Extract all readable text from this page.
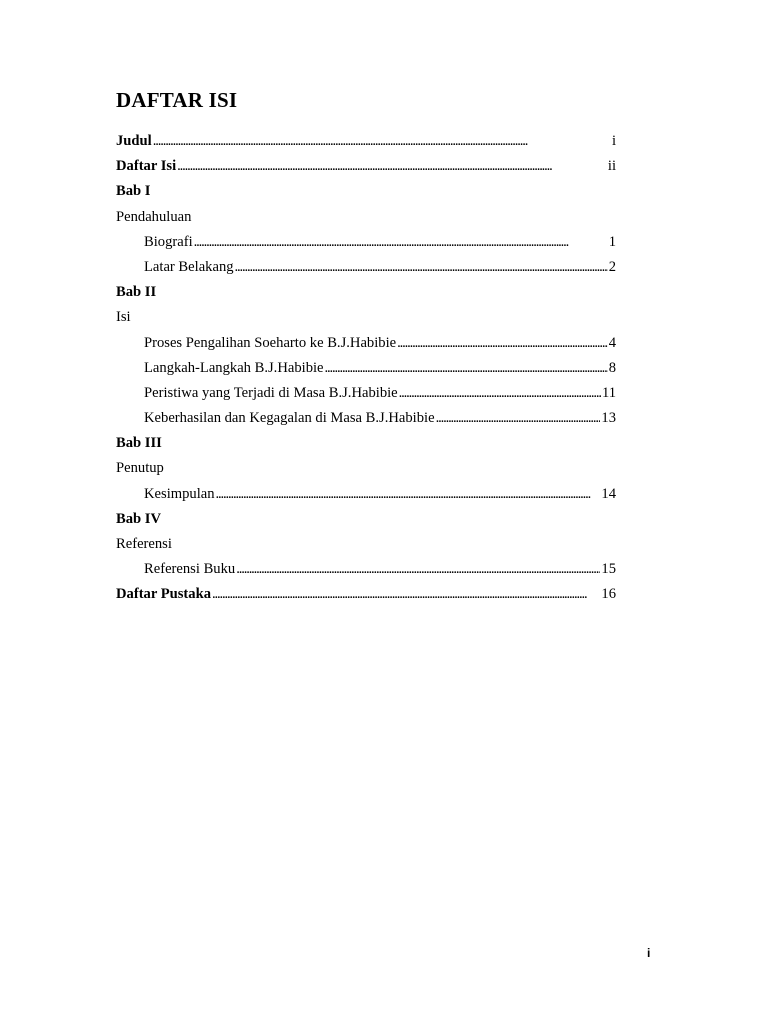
DAFTAR ISI
Judul . . .	i
Daftar Isi . . .	ii
Bab I
Pendahuluan
Biografi . . .	1
Latar Belakang . . .	2
Bab II
Isi
Proses Pengalihan Soeharto ke B.J.Habibie . . .	4
Langkah-Langkah B.J.Habibie . . .	8
Peristiwa yang Terjadi di Masa B.J.Habibie . . .	11
Keberhasilan dan Kegagalan di Masa B.J.Habibie . . .	13
Bab III
Penutup
Kesimpulan . . .	14
Bab IV
Referensi
Referensi Buku . . .	15
Daftar Pustaka . . .	16
i
